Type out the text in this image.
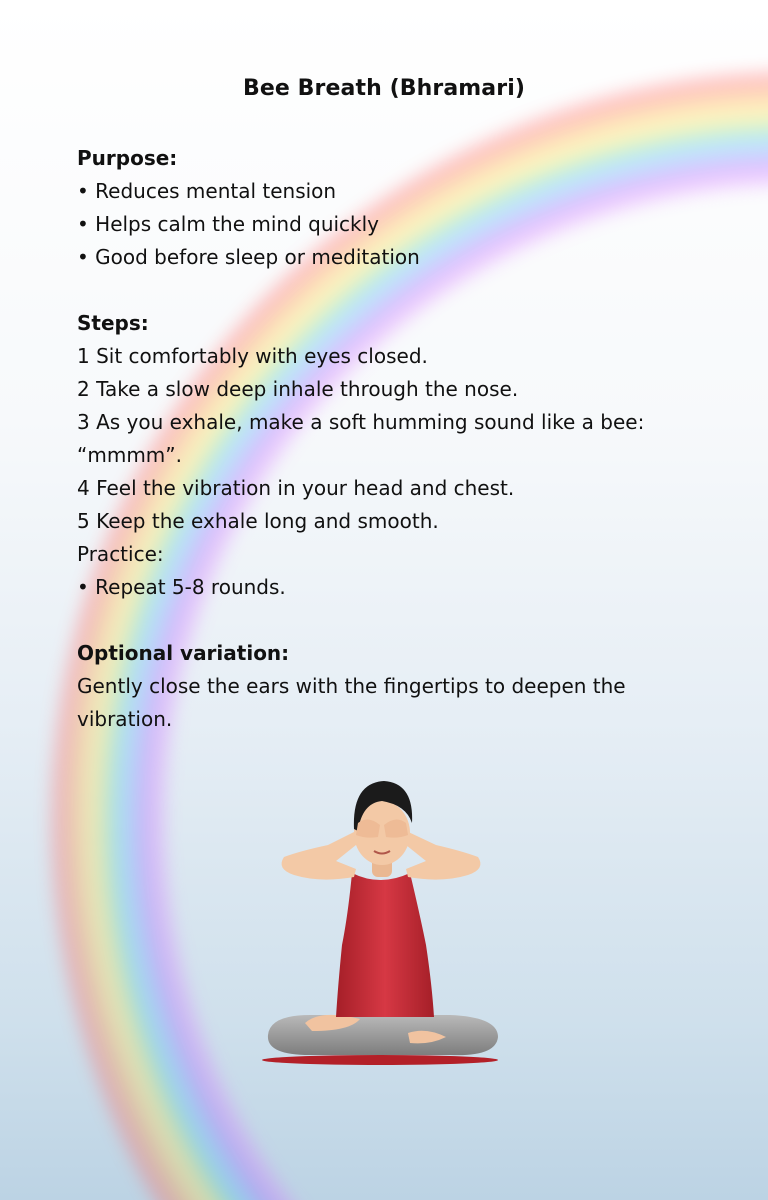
Bee Breath (Bhramari)
Purpose:
• Reduces mental tension
• Helps calm the mind quickly
• Good before sleep or meditation
Steps:
1 Sit comfortably with eyes closed.
2 Take a slow deep inhale through the nose.
3 As you exhale, make a soft humming sound like a bee:
“mmmm”.
4 Feel the vibration in your head and chest.
5 Keep the exhale long and smooth.
Practice:
• Repeat 5-8 rounds.
Optional variation:
Gently close the ears with the fingertips to deepen the vibration.
